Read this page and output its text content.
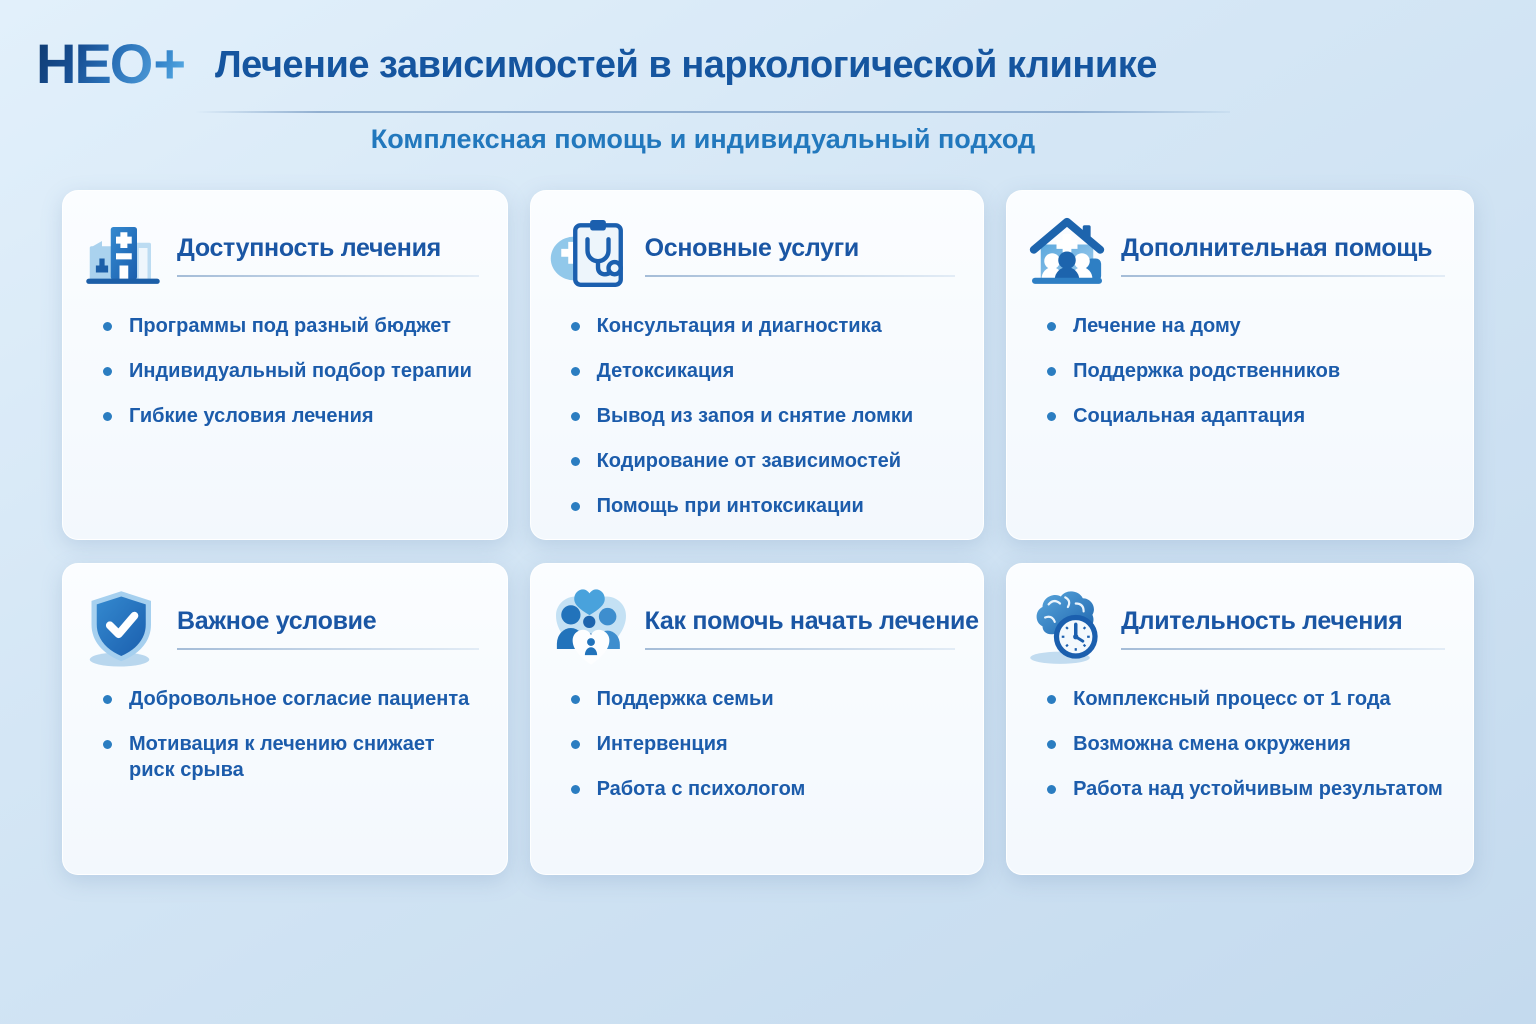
НЕО + Лечение зависимостей в наркологической клинике
Комплексная помощь и индивидуальный подход
Доступность лечения
Программы под разный бюджет
Индивидуальный подбор терапии
Гибкие условия лечения
Основные услуги
Консультация и диагностика
Детоксикация
Вывод из запоя и снятие ломки
Кодирование от зависимостей
Помощь при интоксикации
Дополнительная помощь
Лечение на дому
Поддержка родственников
Социальная адаптация
Важное условие
Добровольное согласие пациента
Мотивация к лечению снижает риск срыва
Как помочь начать лечение
Поддержка семьи
Интервенция
Работа с психологом
Длительность лечения
Комплексный процесс от 1 года
Возможна смена окружения
Работа над устойчивым результатом
